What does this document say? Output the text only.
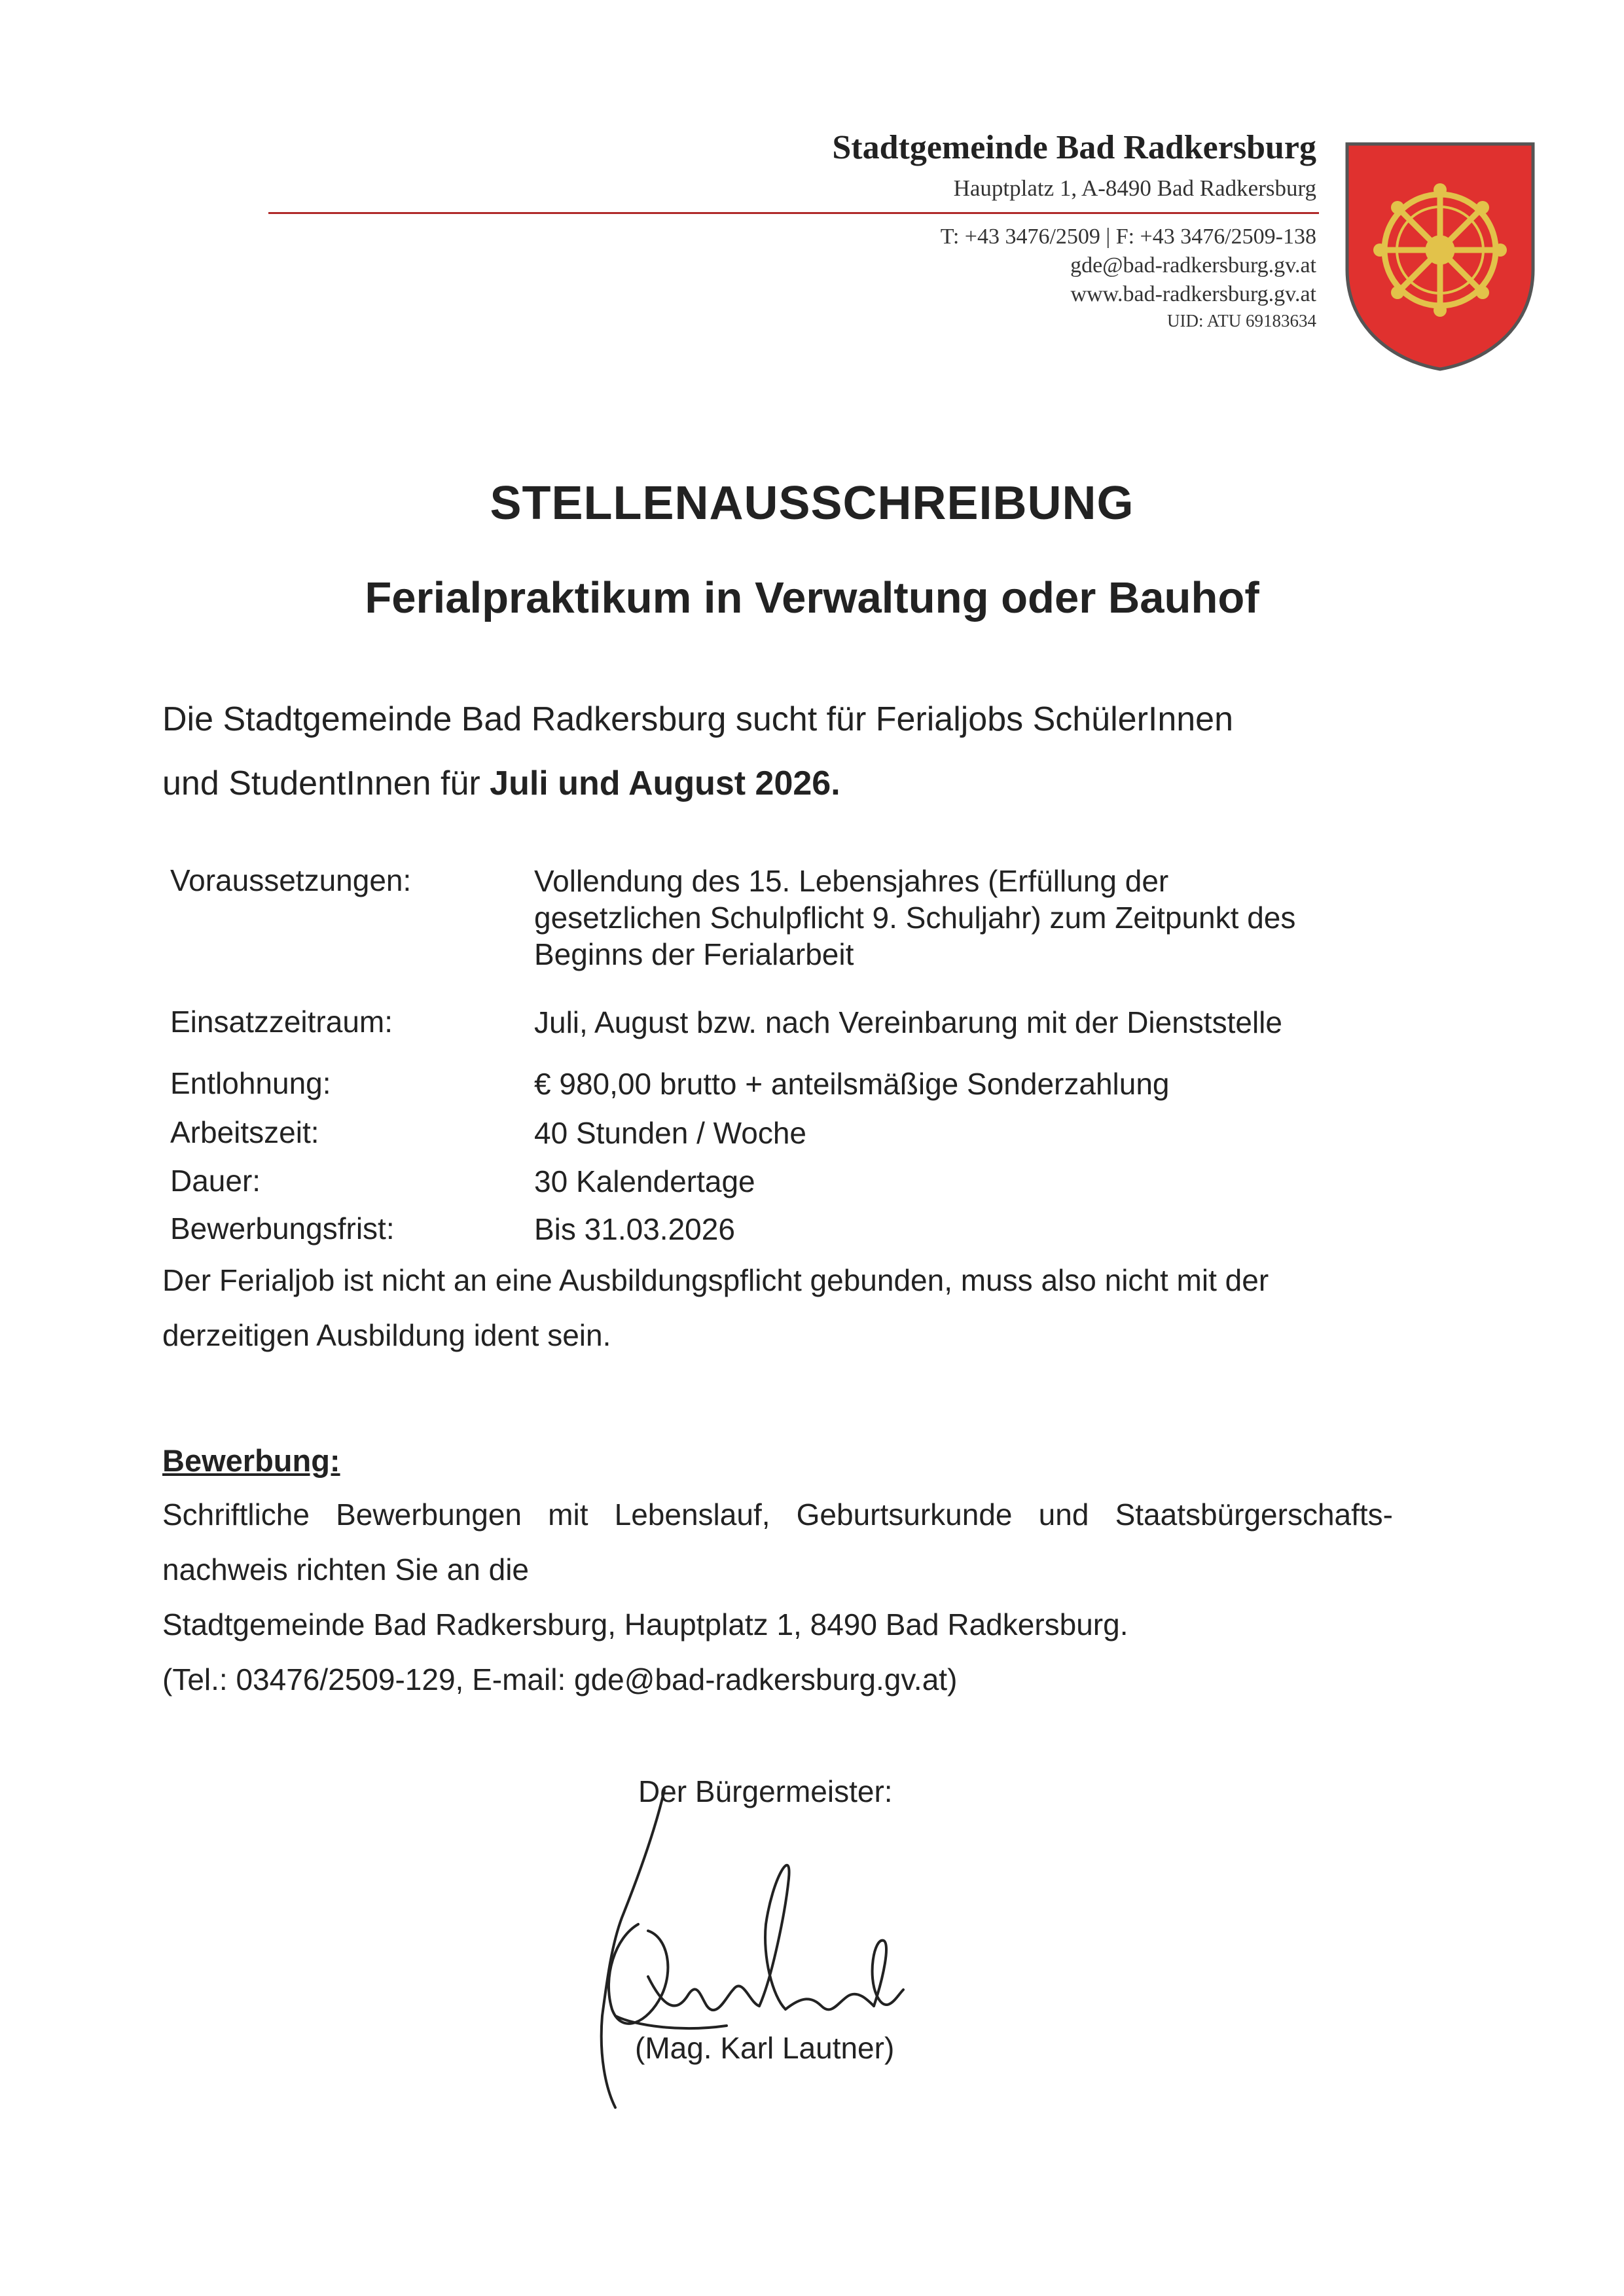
Stadtgemeinde Bad Radkersburg
Hauptplatz 1, A-8490 Bad Radkersburg
T: +43 3476/2509 | F: +43 3476/2509-138
gde@bad-radkersburg.gv.at
www.bad-radkersburg.gv.at
UID: ATU 69183634
STELLENAUSSCHREIBUNG
Ferialpraktikum in Verwaltung oder Bauhof
Die Stadtgemeinde Bad Radkersburg sucht für Ferialjobs SchülerInnen
und StudentInnen für Juli und August 2026.
Voraussetzungen:	Vollendung des 15. Lebensjahres (Erfüllung der
gesetzlichen Schulpflicht 9. Schuljahr) zum Zeitpunkt des
Beginns der Ferialarbeit
Einsatzzeitraum:	Juli, August bzw. nach Vereinbarung mit der Dienststelle
Entlohnung:	€ 980,00 brutto + anteilsmäßige Sonderzahlung
Arbeitszeit:	40 Stunden / Woche
Dauer:	30 Kalendertage
Bewerbungsfrist:	Bis 31.03.2026
Der Ferialjob ist nicht an eine Ausbildungspflicht gebunden, muss also nicht mit der
derzeitigen Ausbildung ident sein.
Bewerbung:
Schriftliche Bewerbungen mit Lebenslauf, Geburtsurkunde und Staatsbürgerschafts-
nachweis richten Sie an die
Stadtgemeinde Bad Radkersburg, Hauptplatz 1, 8490 Bad Radkersburg.
(Tel.: 03476/2509-129, E-mail: gde@bad-radkersburg.gv.at)
Der Bürgermeister:
(Mag. Karl Lautner)
